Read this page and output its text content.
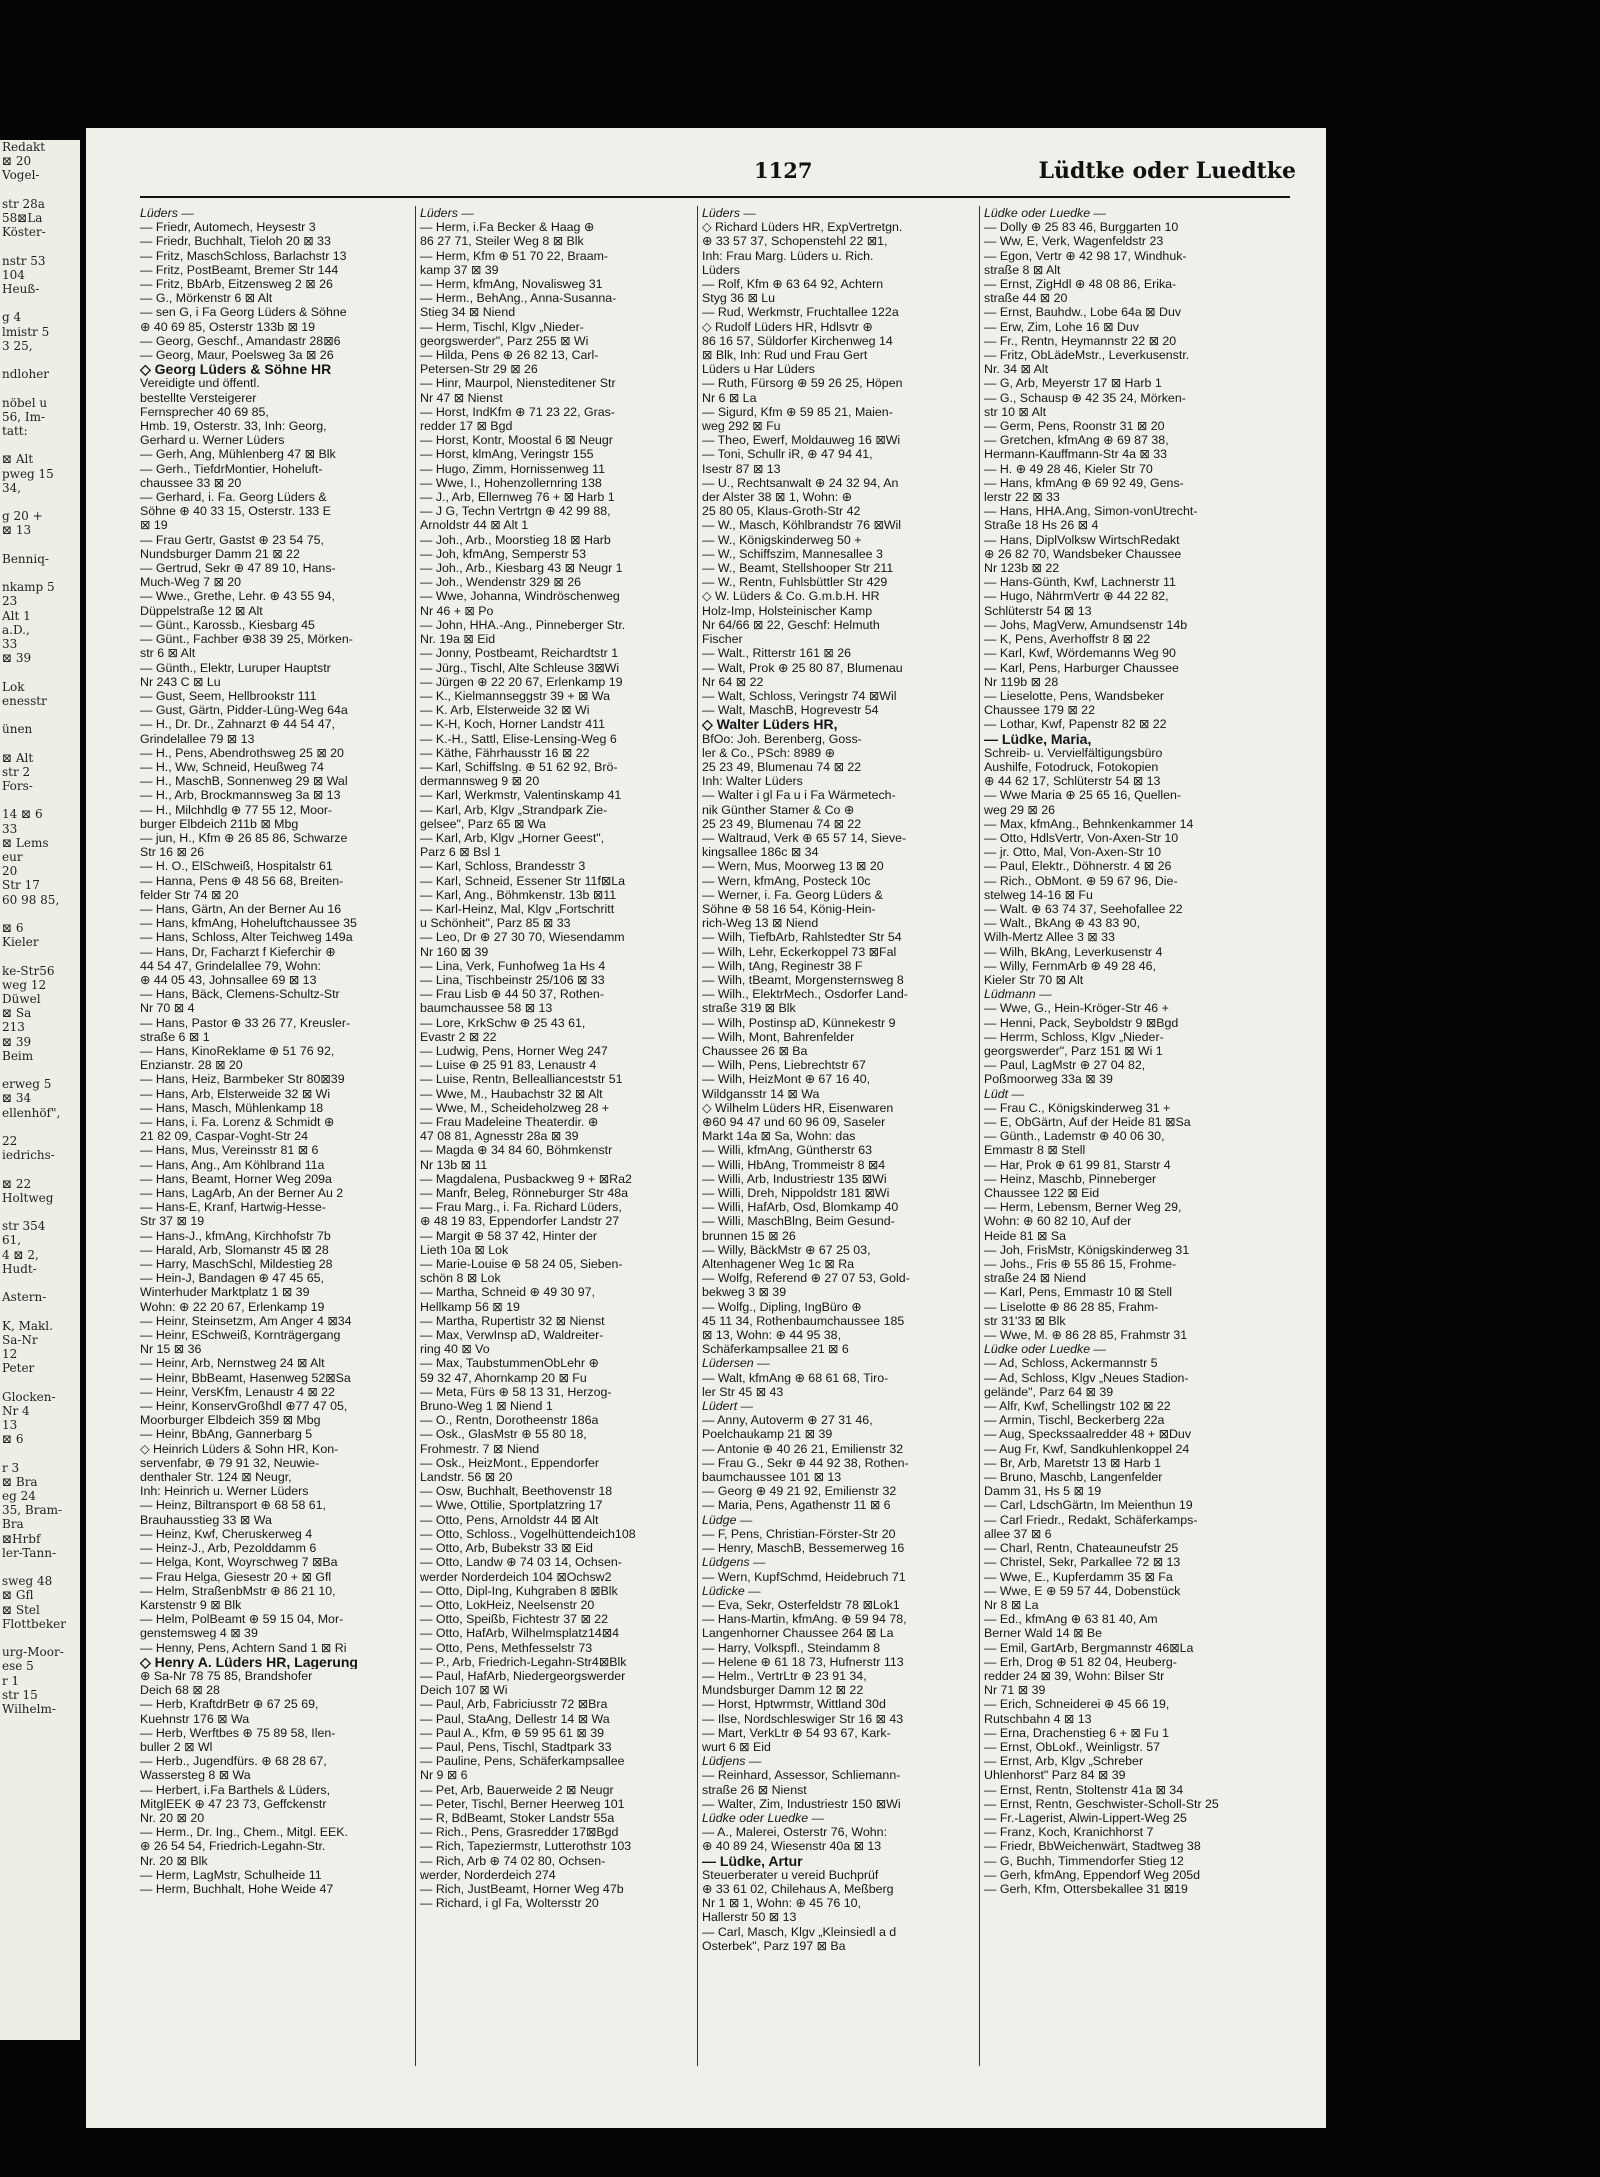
Redakt
⊠ 20
Vogel-
str 28a
58⊠La
Köster-
nstr 53
104
Heuß-
g 4
lmistr 5
3 25,
ndloher
nöbel u
56, Im-
tatt:
⊠ Alt
pweg 15
34,
g 20 +
⊠ 13
Benniq-
nkamp 5
23
Alt 1
a.D.,
33
⊠ 39
Lok
enesstr
ünen
⊠ Alt
str 2
Fors-
14 ⊠ 6
33
⊠ Lems
eur
20
Str 17
60 98 85,
⊠ 6
Kieler
ke-Str56
weg 12
Düwel
⊠ Sa
213
⊠ 39
Beim
erweg 5
⊠ 34
ellenhöf",
22
iedrichs-
⊠ 22
Holtweg
str 354
61,
4 ⊠ 2,
Hudt-
Astern-
K, Makl.
Sa-Nr
12
Peter
Glocken-
Nr 4
13
⊠ 6
r 3
⊠ Bra
eg 24
35, Bram-
Bra
⊠Hrbf
ler-Tann-
sweg 48
⊠ Gfl
⊠ Stel
Flottbeker
urg-Moor-
ese 5
r 1
str 15
Wilhelm-
1127	Lüdtke oder Luedtke
Lüders —
— Friedr, Automech, Heysestr 3
— Friedr, Buchhalt, Tieloh 20 ⊠ 33
— Fritz, MaschSchloss, Barlachstr 13
— Fritz, PostBeamt, Bremer Str 144
— Fritz, BbArb, Eitzensweg 2 ⊠ 26
— G., Mörkenstr 6 ⊠ Alt
— sen G, i Fa Georg Lüders & Söhne
⊕ 40 69 85, Osterstr 133b ⊠ 19
— Georg, Geschf., Amandastr 28⊠6
— Georg, Maur, Poelsweg 3a ⊠ 26
◇ Georg Lüders & Söhne HR
Vereidigte und öffentl.
bestellte Versteigerer
Fernsprecher 40 69 85,
Hmb. 19, Osterstr. 33, Inh: Georg,
Gerhard u. Werner Lüders
— Gerh, Ang, Mühlenberg 47 ⊠ Blk
— Gerh., TiefdrMontier, Hoheluft-
chaussee 33 ⊠ 20
— Gerhard, i. Fa. Georg Lüders &
Söhne ⊕ 40 33 15, Osterstr. 133 E
⊠ 19
— Frau Gertr, Gastst ⊕ 23 54 75,
Nundsburger Damm 21 ⊠ 22
— Gertrud, Sekr ⊕ 47 89 10, Hans-
Much-Weg 7 ⊠ 20
— Wwe., Grethe, Lehr. ⊕ 43 55 94,
Düppelstraße 12 ⊠ Alt
— Günt., Karossb., Kiesbarg 45
— Günt., Fachber ⊕38 39 25, Mörken-
str 6 ⊠ Alt
— Günth., Elektr, Luruper Hauptstr
Nr 243 C ⊠ Lu
— Gust, Seem, Hellbrookstr 111
— Gust, Gärtn, Pidder-Lüng-Weg 64a
— H., Dr. Dr., Zahnarzt ⊕ 44 54 47,
Grindelallee 79 ⊠ 13
— H., Pens, Abendrothsweg 25 ⊠ 20
— H., Ww, Schneid, Heußweg 74
— H., MaschB, Sonnenweg 29 ⊠ Wal
— H., Arb, Brockmannsweg 3a ⊠ 13
— H., Milchhdlg ⊕ 77 55 12, Moor-
burger Elbdeich 211b ⊠ Mbg
— jun, H., Kfm ⊕ 26 85 86, Schwarze
Str 16 ⊠ 26
— H. O., ElSchweiß, Hospitalstr 61
— Hanna, Pens ⊕ 48 56 68, Breiten-
felder Str 74 ⊠ 20
— Hans, Gärtn, An der Berner Au 16
— Hans, kfmAng, Hoheluftchaussee 35
— Hans, Schloss, Alter Teichweg 149a
— Hans, Dr, Facharzt f Kieferchir ⊕
44 54 47, Grindelallee 79, Wohn:
⊕ 44 05 43, Johnsallee 69 ⊠ 13
— Hans, Bäck, Clemens-Schultz-Str
Nr 70 ⊠ 4
— Hans, Pastor ⊕ 33 26 77, Kreusler-
straße 6 ⊠ 1
— Hans, KinoReklame ⊕ 51 76 92,
Enzianstr. 28 ⊠ 20
— Hans, Heiz, Barmbeker Str 80⊠39
— Hans, Arb, Elsterweide 32 ⊠ Wi
— Hans, Masch, Mühlenkamp 18
— Hans, i. Fa. Lorenz & Schmidt ⊕
21 82 09, Caspar-Voght-Str 24
— Hans, Mus, Vereinsstr 81 ⊠ 6
— Hans, Ang., Am Köhlbrand 11a
— Hans, Beamt, Horner Weg 209a
— Hans, LagArb, An der Berner Au 2
— Hans-E, Kranf, Hartwig-Hesse-
Str 37 ⊠ 19
— Hans-J., kfmAng, Kirchhofstr 7b
— Harald, Arb, Slomanstr 45 ⊠ 28
— Harry, MaschSchl, Mildestieg 28
— Hein-J, Bandagen ⊕ 47 45 65,
Winterhuder Marktplatz 1 ⊠ 39
Wohn: ⊕ 22 20 67, Erlenkamp 19
— Heinr, Steinsetzm, Am Anger 4 ⊠34
— Heinr, ESchweiß, Kornträgergang
Nr 15 ⊠ 36
— Heinr, Arb, Nernstweg 24 ⊠ Alt
— Heinr, BbBeamt, Hasenweg 52⊠Sa
— Heinr, VersKfm, Lenaustr 4 ⊠ 22
— Heinr, KonservGroßhdl ⊕77 47 05,
Moorburger Elbdeich 359 ⊠ Mbg
— Heinr, BbAng, Gannerbarg 5
◇ Heinrich Lüders & Sohn HR, Kon-
servenfabr, ⊕ 79 91 32, Neuwie-
denthaler Str. 124 ⊠ Neugr,
Inh: Heinrich u. Werner Lüders
— Heinz, Biltransport ⊕ 68 58 61,
Brauhausstieg 33 ⊠ Wa
— Heinz, Kwf, Cheruskerweg 4
— Heinz-J., Arb, Pezolddamm 6
— Helga, Kont, Woyrschweg 7 ⊠Ba
— Frau Helga, Giesestr 20 + ⊠ Gfl
— Helm, StraßenbMstr ⊕ 86 21 10,
Karstenstr 9 ⊠ Blk
— Helm, PolBeamt ⊕ 59 15 04, Mor-
genstemsweg 4 ⊠ 39
— Henny, Pens, Achtern Sand 1 ⊠ Ri
◇ Henry A. Lüders HR, Lagerung
⊕ Sa-Nr 78 75 85, Brandshofer
Deich 68 ⊠ 28
— Herb, KraftdrBetr ⊕ 67 25 69,
Kuehnstr 176 ⊠ Wa
— Herb, Werftbes ⊕ 75 89 58, Ilen-
buller 2 ⊠ Wl
— Herb., Jugendfürs. ⊕ 68 28 67,
Wassersteg 8 ⊠ Wa
— Herbert, i.Fa Barthels & Lüders,
MitglEEK ⊕ 47 23 73, Geffckenstr
Nr. 20 ⊠ 20
— Herm., Dr. Ing., Chem., Mitgl. EEK.
⊕ 26 54 54, Friedrich-Legahn-Str.
Nr. 20 ⊠ Blk
— Herm, LagMstr, Schulheide 11
— Herm, Buchhalt, Hohe Weide 47
Lüders —
— Herm, i.Fa Becker & Haag ⊕
86 27 71, Steiler Weg 8 ⊠ Blk
— Herm, Kfm ⊕ 51 70 22, Braam-
kamp 37 ⊠ 39
— Herm, kfmAng, Novalisweg 31
— Herm., BehAng., Anna-Susanna-
Stieg 34 ⊠ Niend
— Herm, Tischl, Klgv „Nieder-
georgswerder", Parz 255 ⊠ Wi
— Hilda, Pens ⊕ 26 82 13, Carl-
Petersen-Str 29 ⊠ 26
— Hinr, Maurpol, Niensteditener Str
Nr 47 ⊠ Nienst
— Horst, IndKfm ⊕ 71 23 22, Gras-
redder 17 ⊠ Bgd
— Horst, Kontr, Moostal 6 ⊠ Neugr
— Horst, klmAng, Veringstr 155
— Hugo, Zimm, Hornissenweg 11
— Wwe, I., Hohenzollernring 138
— J., Arb, Ellernweg 76 + ⊠ Harb 1
— J G, Techn Vertrtgn ⊕ 42 99 88,
Arnoldstr 44 ⊠ Alt 1
— Joh., Arb., Moorstieg 18 ⊠ Harb
— Joh, kfmAng, Semperstr 53
— Joh., Arb., Kiesbarg 43 ⊠ Neugr 1
— Joh., Wendenstr 329 ⊠ 26
— Wwe, Johanna, Windröschenweg
Nr 46 + ⊠ Po
— John, HHA.-Ang., Pinneberger Str.
Nr. 19a ⊠ Eid
— Jonny, Postbeamt, Reichardtstr 1
— Jürg., Tischl, Alte Schleuse 3⊠Wi
— Jürgen ⊕ 22 20 67, Erlenkamp 19
— K., Kielmannseggstr 39 + ⊠ Wa
— K. Arb, Elsterweide 32 ⊠ Wi
— K-H, Koch, Horner Landstr 411
— K.-H., Sattl, Elise-Lensing-Weg 6
— Käthe, Fährhausstr 16 ⊠ 22
— Karl, Schiffslng. ⊕ 51 62 92, Brö-
dermannsweg 9 ⊠ 20
— Karl, Werkmstr, Valentinskamp 41
— Karl, Arb, Klgv „Strandpark Zie-
gelsee", Parz 65 ⊠ Wa
— Karl, Arb, Klgv „Horner Geest",
Parz 6 ⊠ Bsl 1
— Karl, Schloss, Brandesstr 3
— Karl, Schneid, Essener Str 11f⊠La
— Karl, Ang., Böhmkenstr. 13b ⊠11
— Karl-Heinz, Mal, Klgv „Fortschritt
u Schönheit", Parz 85 ⊠ 33
— Leo, Dr ⊕ 27 30 70, Wiesendamm
Nr 160 ⊠ 39
— Lina, Verk, Funhofweg 1a Hs 4
— Lina, Tischbeinstr 25/106 ⊠ 33
— Frau Lisb ⊕ 44 50 37, Rothen-
baumchaussee 58 ⊠ 13
— Lore, KrkSchw ⊕ 25 43 61,
Evastr 2 ⊠ 22
— Ludwig, Pens, Horner Weg 247
— Luise ⊕ 25 91 83, Lenaustr 4
— Luise, Rentn, Belleallianceststr 51
— Wwe, M., Haubachstr 32 ⊠ Alt
— Wwe, M., Scheideholzweg 28 +
— Frau Madeleine Theaterdir. ⊕
47 08 81, Agnesstr 28a ⊠ 39
— Magda ⊕ 34 84 60, Böhmkenstr
Nr 13b ⊠ 11
— Magdalena, Pusbackweg 9 + ⊠Ra2
— Manfr, Beleg, Rönneburger Str 48a
— Frau Marg., i. Fa. Richard Lüders,
⊕ 48 19 83, Eppendorfer Landstr 27
— Margit ⊕ 58 37 42, Hinter der
Lieth 10a ⊠ Lok
— Marie-Louise ⊕ 58 24 05, Sieben-
schön 8 ⊠ Lok
— Martha, Schneid ⊕ 49 30 97,
Hellkamp 56 ⊠ 19
— Martha, Rupertistr 32 ⊠ Nienst
— Max, VerwInsp aD, Waldreiter-
ring 40 ⊠ Vo
— Max, TaubstummenObLehr ⊕
59 32 47, Ahornkamp 20 ⊠ Fu
— Meta, Fürs ⊕ 58 13 31, Herzog-
Bruno-Weg 1 ⊠ Niend 1
— O., Rentn, Dorotheenstr 186a
— Osk., GlasMstr ⊕ 55 80 18,
Frohmestr. 7 ⊠ Niend
— Osk., HeizMont., Eppendorfer
Landstr. 56 ⊠ 20
— Osw, Buchhalt, Beethovenstr 18
— Wwe, Ottilie, Sportplatzring 17
— Otto, Pens, Arnoldstr 44 ⊠ Alt
— Otto, Schloss., Vogelhüttendeich108
— Otto, Arb, Bubekstr 33 ⊠ Eid
— Otto, Landw ⊕ 74 03 14, Ochsen-
werder Norderdeich 104 ⊠Ochsw2
— Otto, Dipl-Ing, Kuhgraben 8 ⊠Blk
— Otto, LokHeiz, Neelsenstr 20
— Otto, Speißb, Fichtestr 37 ⊠ 22
— Otto, HafArb, Wilhelmsplatz14⊠4
— Otto, Pens, Methfesselstr 73
— P., Arb, Friedrich-Legahn-Str4⊠Blk
— Paul, HafArb, Niedergeorgswerder
Deich 107 ⊠ Wi
— Paul, Arb, Fabriciusstr 72 ⊠Bra
— Paul, StaAng, Dellestr 14 ⊠ Wa
— Paul A., Kfm, ⊕ 59 95 61 ⊠ 39
— Paul, Pens, Tischl, Stadtpark 33
— Pauline, Pens, Schäferkampsallee
Nr 9 ⊠ 6
— Pet, Arb, Bauerweide 2 ⊠ Neugr
— Peter, Tischl, Berner Heerweg 101
— R, BdBeamt, Stoker Landstr 55a
— Rich., Pens, Grasredder 17⊠Bgd
— Rich, Tapeziermstr, Lutterothstr 103
— Rich, Arb ⊕ 74 02 80, Ochsen-
werder, Norderdeich 274
— Rich, JustBeamt, Horner Weg 47b
— Richard, i gl Fa, Woltersstr 20
Lüders —
◇ Richard Lüders HR, ExpVertretgn.
⊕ 33 57 37, Schopenstehl 22 ⊠1,
Inh: Frau Marg. Lüders u. Rich.
Lüders
— Rolf, Kfm ⊕ 63 64 92, Achtern
Styg 36 ⊠ Lu
— Rud, Werkmstr, Fruchtallee 122a
◇ Rudolf Lüders HR, Hdlsvtr ⊕
86 16 57, Süldorfer Kirchenweg 14
⊠ Blk, Inh: Rud und Frau Gert
Lüders u Har Lüders
— Ruth, Fürsorg ⊕ 59 26 25, Höpen
Nr 6 ⊠ La
— Sigurd, Kfm ⊕ 59 85 21, Maien-
weg 292 ⊠ Fu
— Theo, Ewerf, Moldauweg 16 ⊠Wi
— Toni, Schullr iR, ⊕ 47 94 41,
Isestr 87 ⊠ 13
— U., Rechtsanwalt ⊕ 24 32 94, An
der Alster 38 ⊠ 1, Wohn: ⊕
25 80 05, Klaus-Groth-Str 42
— W., Masch, Köhlbrandstr 76 ⊠Wil
— W., Königskinderweg 50 +
— W., Schiffszim, Mannesallee 3
— W., Beamt, Stellshooper Str 211
— W., Rentn, Fuhlsbüttler Str 429
◇ W. Lüders & Co. G.m.b.H. HR
Holz-Imp, Holsteinischer Kamp
Nr 64/66 ⊠ 22, Geschf: Helmuth
Fischer
— Walt., Ritterstr 161 ⊠ 26
— Walt, Prok ⊕ 25 80 87, Blumenau
Nr 64 ⊠ 22
— Walt, Schloss, Veringstr 74 ⊠Wil
— Walt, MaschB, Hogrevestr 54
◇ Walter Lüders HR,
BfOo: Joh. Berenberg, Goss-
ler & Co., PSch: 8989 ⊕
25 23 49, Blumenau 74 ⊠ 22
Inh: Walter Lüders
— Walter i gl Fa u i Fa Wärmetech-
nik Günther Stamer & Co ⊕
25 23 49, Blumenau 74 ⊠ 22
— Waltraud, Verk ⊕ 65 57 14, Sieve-
kingsallee 186c ⊠ 34
— Wern, Mus, Moorweg 13 ⊠ 20
— Wern, kfmAng, Posteck 10c
— Werner, i. Fa. Georg Lüders &
Söhne ⊕ 58 16 54, König-Hein-
rich-Weg 13 ⊠ Niend
— Wilh, TiefbArb, Rahlstedter Str 54
— Wilh, Lehr, Eckerkoppel 73 ⊠Fal
— Wilh, tAng, Reginestr 38 F
— Wilh, tBeamt, Morgensternsweg 8
— Wilh., ElektrMech., Osdorfer Land-
straße 319 ⊠ Blk
— Wilh, Postinsp aD, Künnekestr 9
— Wilh, Mont, Bahrenfelder
Chaussee 26 ⊠ Ba
— Wilh, Pens, Liebrechtstr 67
— Wilh, HeizMont ⊕ 67 16 40,
Wildgansstr 14 ⊠ Wa
◇ Wilhelm Lüders HR, Eisenwaren
⊕60 94 47 und 60 96 09, Saseler
Markt 14a ⊠ Sa, Wohn: das
— Willi, kfmAng, Güntherstr 63
— Willi, HbAng, Trommeistr 8 ⊠4
— Willi, Arb, Industriestr 135 ⊠Wi
— Willi, Dreh, Nippoldstr 181 ⊠Wi
— Willi, HafArb, Osd, Blomkamp 40
— Willi, MaschBlng, Beim Gesund-
brunnen 15 ⊠ 26
— Willy, BäckMstr ⊕ 67 25 03,
Altenhagener Weg 1c ⊠ Ra
— Wolfg, Referend ⊕ 27 07 53, Gold-
bekweg 3 ⊠ 39
— Wolfg., Dipling, IngBüro ⊕
45 11 34, Rothenbaumchaussee 185
⊠ 13, Wohn: ⊕ 44 95 38,
Schäferkampsallee 21 ⊠ 6
Lüdersen —
— Walt, kfmAng ⊕ 68 61 68, Tiro-
ler Str 45 ⊠ 43
Lüdert —
— Anny, Autoverm ⊕ 27 31 46,
Poelchaukamp 21 ⊠ 39
— Antonie ⊕ 40 26 21, Emilienstr 32
— Frau G., Sekr ⊕ 44 92 38, Rothen-
baumchaussee 101 ⊠ 13
— Georg ⊕ 49 21 92, Emilienstr 32
— Maria, Pens, Agathenstr 11 ⊠ 6
Lüdge —
— F, Pens, Christian-Förster-Str 20
— Henry, MaschB, Bessemerweg 16
Lüdgens —
— Wern, KupfSchmd, Heidebruch 71
Lüdicke —
— Eva, Sekr, Osterfeldstr 78 ⊠Lok1
— Hans-Martin, kfmAng. ⊕ 59 94 78,
Langenhorner Chaussee 264 ⊠ La
— Harry, Volkspfl., Steindamm 8
— Helene ⊕ 61 18 73, Hufnerstr 113
— Helm., VertrLtr ⊕ 23 91 34,
Mundsburger Damm 12 ⊠ 22
— Horst, Hptwrmstr, Wittland 30d
— Ilse, Nordschleswiger Str 16 ⊠ 43
— Mart, VerkLtr ⊕ 54 93 67, Kark-
wurt 6 ⊠ Eid
Lüdjens —
— Reinhard, Assessor, Schliemann-
straße 26 ⊠ Nienst
— Walter, Zim, Industriestr 150 ⊠Wi
Lüdke oder Luedke —
— A., Malerei, Osterstr 76, Wohn:
⊕ 40 89 24, Wiesenstr 40a ⊠ 13
— Lüdke, Artur
Steuerberater u vereid Buchprüf
⊕ 33 61 02, Chilehaus A, Meßberg
Nr 1 ⊠ 1, Wohn: ⊕ 45 76 10,
Hallerstr 50 ⊠ 13
— Carl, Masch, Klgv „Kleinsiedl a d
Osterbek", Parz 197 ⊠ Ba
Lüdke oder Luedke —
— Dolly ⊕ 25 83 46, Burggarten 10
— Ww, E, Verk, Wagenfeldstr 23
— Egon, Vertr ⊕ 42 98 17, Windhuk-
straße 8 ⊠ Alt
— Ernst, ZigHdl ⊕ 48 08 86, Erika-
straße 44 ⊠ 20
— Ernst, Bauhdw., Lobe 64a ⊠ Duv
— Erw, Zim, Lohe 16 ⊠ Duv
— Fr., Rentn, Heymannstr 22 ⊠ 20
— Fritz, ObLädeMstr., Leverkusenstr.
Nr. 34 ⊠ Alt
— G, Arb, Meyerstr 17 ⊠ Harb 1
— G., Schausp ⊕ 42 35 24, Mörken-
str 10 ⊠ Alt
— Germ, Pens, Roonstr 31 ⊠ 20
— Gretchen, kfmAng ⊕ 69 87 38,
Hermann-Kauffmann-Str 4a ⊠ 33
— H. ⊕ 49 28 46, Kieler Str 70
— Hans, kfmAng ⊕ 69 92 49, Gens-
lerstr 22 ⊠ 33
— Hans, HHA.Ang, Simon-vonUtrecht-
Straße 18 Hs 26 ⊠ 4
— Hans, DiplVolksw WirtschRedakt
⊕ 26 82 70, Wandsbeker Chaussee
Nr 123b ⊠ 22
— Hans-Günth, Kwf, Lachnerstr 11
— Hugo, NährmVertr ⊕ 44 22 82,
Schlüterstr 54 ⊠ 13
— Johs, MagVerw, Amundsenstr 14b
— K, Pens, Averhoffstr 8 ⊠ 22
— Karl, Kwf, Wördemanns Weg 90
— Karl, Pens, Harburger Chaussee
Nr 119b ⊠ 28
— Lieselotte, Pens, Wandsbeker
Chaussee 179 ⊠ 22
— Lothar, Kwf, Papenstr 82 ⊠ 22
— Lüdke, Maria,
Schreib- u. Vervielfältigungsbüro
Aushilfe, Fotodruck, Fotokopien
⊕ 44 62 17, Schlüterstr 54 ⊠ 13
— Wwe Maria ⊕ 25 65 16, Quellen-
weg 29 ⊠ 26
— Max, kfmAng., Behnkenkammer 14
— Otto, HdlsVertr, Von-Axen-Str 10
— jr. Otto, Mal, Von-Axen-Str 10
— Paul, Elektr., Döhnerstr. 4 ⊠ 26
— Rich., ObMont. ⊕ 59 67 96, Die-
stelweg 14-16 ⊠ Fu
— Walt. ⊕ 63 74 37, Seehofallee 22
— Walt., BkAng ⊕ 43 83 90,
Wilh-Mertz Allee 3 ⊠ 33
— Wilh, BkAng, Leverkusenstr 4
— Willy, FernmArb ⊕ 49 28 46,
Kieler Str 70 ⊠ Alt
Lüdmann —
— Wwe, G., Hein-Kröger-Str 46 +
— Henni, Pack, Seyboldstr 9 ⊠Bgd
— Herrm, Schloss, Klgv „Nieder-
georgswerder", Parz 151 ⊠ Wi 1
— Paul, LagMstr ⊕ 27 04 82,
Poßmoorweg 33a ⊠ 39
Lüdt —
— Frau C., Königskinderweg 31 +
— E, ObGärtn, Auf der Heide 81 ⊠Sa
— Günth., Lademstr ⊕ 40 06 30,
Emmastr 8 ⊠ Stell
— Har, Prok ⊕ 61 99 81, Starstr 4
— Heinz, Maschb, Pinneberger
Chaussee 122 ⊠ Eid
— Herm, Lebensm, Berner Weg 29,
Wohn: ⊕ 60 82 10, Auf der
Heide 81 ⊠ Sa
— Joh, FrisMstr, Königskinderweg 31
— Johs., Fris ⊕ 55 86 15, Frohme-
straße 24 ⊠ Niend
— Karl, Pens, Emmastr 10 ⊠ Stell
— Liselotte ⊕ 86 28 85, Frahm-
str 31'33 ⊠ Blk
— Wwe, M. ⊕ 86 28 85, Frahmstr 31
Lüdke oder Luedke —
— Ad, Schloss, Ackermannstr 5
— Ad, Schloss, Klgv „Neues Stadion-
gelände", Parz 64 ⊠ 39
— Alfr, Kwf, Schellingstr 102 ⊠ 22
— Armin, Tischl, Beckerberg 22a
— Aug, Speckssaalredder 48 + ⊠Duv
— Aug Fr, Kwf, Sandkuhlenkoppel 24
— Br, Arb, Maretstr 13 ⊠ Harb 1
— Bruno, Maschb, Langenfelder
Damm 31, Hs 5 ⊠ 19
— Carl, LdschGärtn, Im Meienthun 19
— Carl Friedr., Redakt, Schäferkamps-
allee 37 ⊠ 6
— Charl, Rentn, Chateauneufstr 25
— Christel, Sekr, Parkallee 72 ⊠ 13
— Wwe, E., Kupferdamm 35 ⊠ Fa
— Wwe, E ⊕ 59 57 44, Dobenstück
Nr 8 ⊠ La
— Ed., kfmAng ⊕ 63 81 40, Am
Berner Wald 14 ⊠ Be
— Emil, GartArb, Bergmannstr 46⊠La
— Erh, Drog ⊕ 51 82 04, Heuberg-
redder 24 ⊠ 39, Wohn: Bilser Str
Nr 71 ⊠ 39
— Erich, Schneiderei ⊕ 45 66 19,
Rutschbahn 4 ⊠ 13
— Erna, Drachenstieg 6 + ⊠ Fu 1
— Ernst, ObLokf., Weinligstr. 57
— Ernst, Arb, Klgv „Schreber
Uhlenhorst" Parz 84 ⊠ 39
— Ernst, Rentn, Stoltenstr 41a ⊠ 34
— Ernst, Rentn, Geschwister-Scholl-Str 25
— Fr.-Lagerist, Alwin-Lippert-Weg 25
— Franz, Koch, Kranichhorst 7
— Friedr, BbWeichenwärt, Stadtweg 38
— G, Buchh, Timmendorfer Stieg 12
— Gerh, kfmAng, Eppendorf Weg 205d
— Gerh, Kfm, Ottersbekallee 31 ⊠19
